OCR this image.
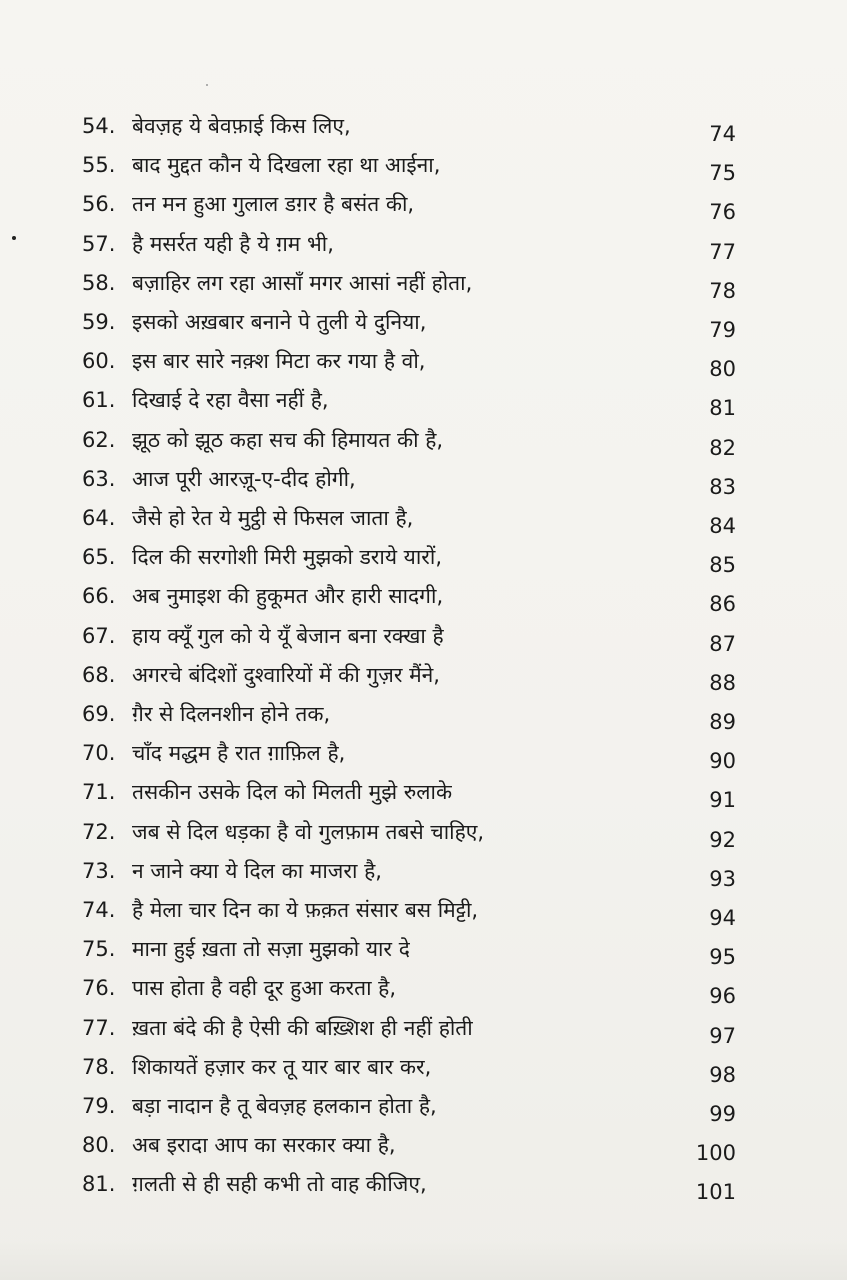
54. बेवज़ह ये बेवफ़ाई किस लिए,	74
55. बाद मुद्दत कौन ये दिखला रहा था आईना,	75
56. तन मन हुआ गुलाल डग़र है बसंत की,	76
57. है मसर्रत यही है ये ग़म भी,	77
58. बज़ाहिर लग रहा आसाँ मगर आसां नहीं होता,	78
59. इसको अख़बार बनाने पे तुली ये दुनिया,	79
60. इस बार सारे नक़्श मिटा कर गया है वो,	80
61. दिखाई दे रहा वैसा नहीं है,	81
62. झूठ को झूठ कहा सच की हिमायत की है,	82
63. आज पूरी आरज़ू-ए-दीद होगी,	83
64. जैसे हो रेत ये मुट्ठी से फिसल जाता है,	84
65. दिल की सरगोशी मिरी मुझको डराये यारों,	85
66. अब नुमाइश की हुकूमत और हारी सादगी,	86
67. हाय क्यूँ गुल को ये यूँ बेजान बना रक्खा है	87
68. अगरचे बंदिशों दुश्वारियों में की गुज़र मैंने,	88
69. ग़ैर से दिलनशीन होने तक,	89
70. चाँद मद्धम है रात ग़ाफ़िल है,	90
71. तसकीन उसके दिल को मिलती मुझे रुलाके	91
72. जब से दिल धड़का है वो गुलफ़ाम तबसे चाहिए,	92
73. न जाने क्या ये दिल का माजरा है,	93
74. है मेला चार दिन का ये फ़क़त संसार बस मिट्टी,	94
75. माना हुई ख़ता तो सज़ा मुझको यार दे	95
76. पास होता है वही दूर हुआ करता है,	96
77. ख़ता बंदे की है ऐसी की बख़्शिश ही नहीं होती	97
78. शिकायतें हज़ार कर तू यार बार बार कर,	98
79. बड़ा नादान है तू बेवज़ह हलकान होता है,	99
80. अब इरादा आप का सरकार क्या है,	100
81. ग़लती से ही सही कभी तो वाह कीजिए,	101
